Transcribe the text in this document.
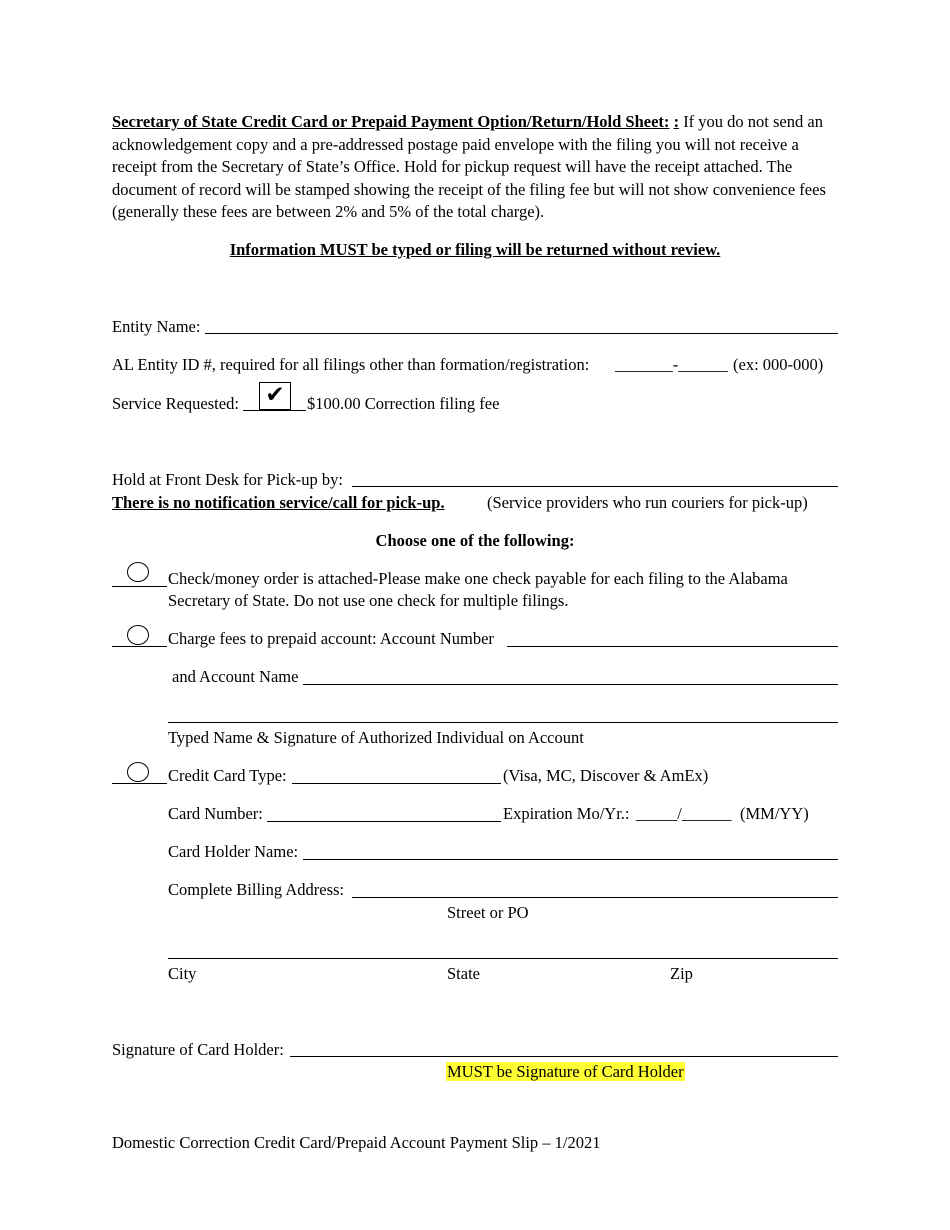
Secretary of State Credit Card or Prepaid Payment Option/Return/Hold Sheet: : If you do not send an acknowledgement copy and a pre-addressed postage paid envelope with the filing you will not receive a receipt from the Secretary of State’s Office. Hold for pickup request will have the receipt attached. The document of record will be stamped showing the receipt of the filing fee but will not show convenience fees (generally these fees are between 2% and 5% of the total charge).
Information MUST be typed or filing will be returned without review.
Entity Name:
AL Entity ID #, required for all filings other than formation/registration: _______-______ (ex: 000-000)
Service Requested: ✔	$100.00 Correction filing fee
Hold at Front Desk for Pick-up by:
There is no notification service/call for pick-up.	(Service providers who run couriers for pick-up)
Choose one of the following:
Check/money order is attached-Please make one check payable for each filing to the Alabama
Secretary of State. Do not use one check for multiple filings.
Charge fees to prepaid account: Account Number
and Account Name
Typed Name & Signature of Authorized Individual on Account
Credit Card Type:	(Visa, MC, Discover & AmEx)
Card Number:	Expiration Mo/Yr.: _____/______ (MM/YY)
Card Holder Name:
Complete Billing Address:
Street or PO
City	State	Zip
Signature of Card Holder:
MUST be Signature of Card Holder
Domestic Correction Credit Card/Prepaid Account Payment Slip – 1/2021
